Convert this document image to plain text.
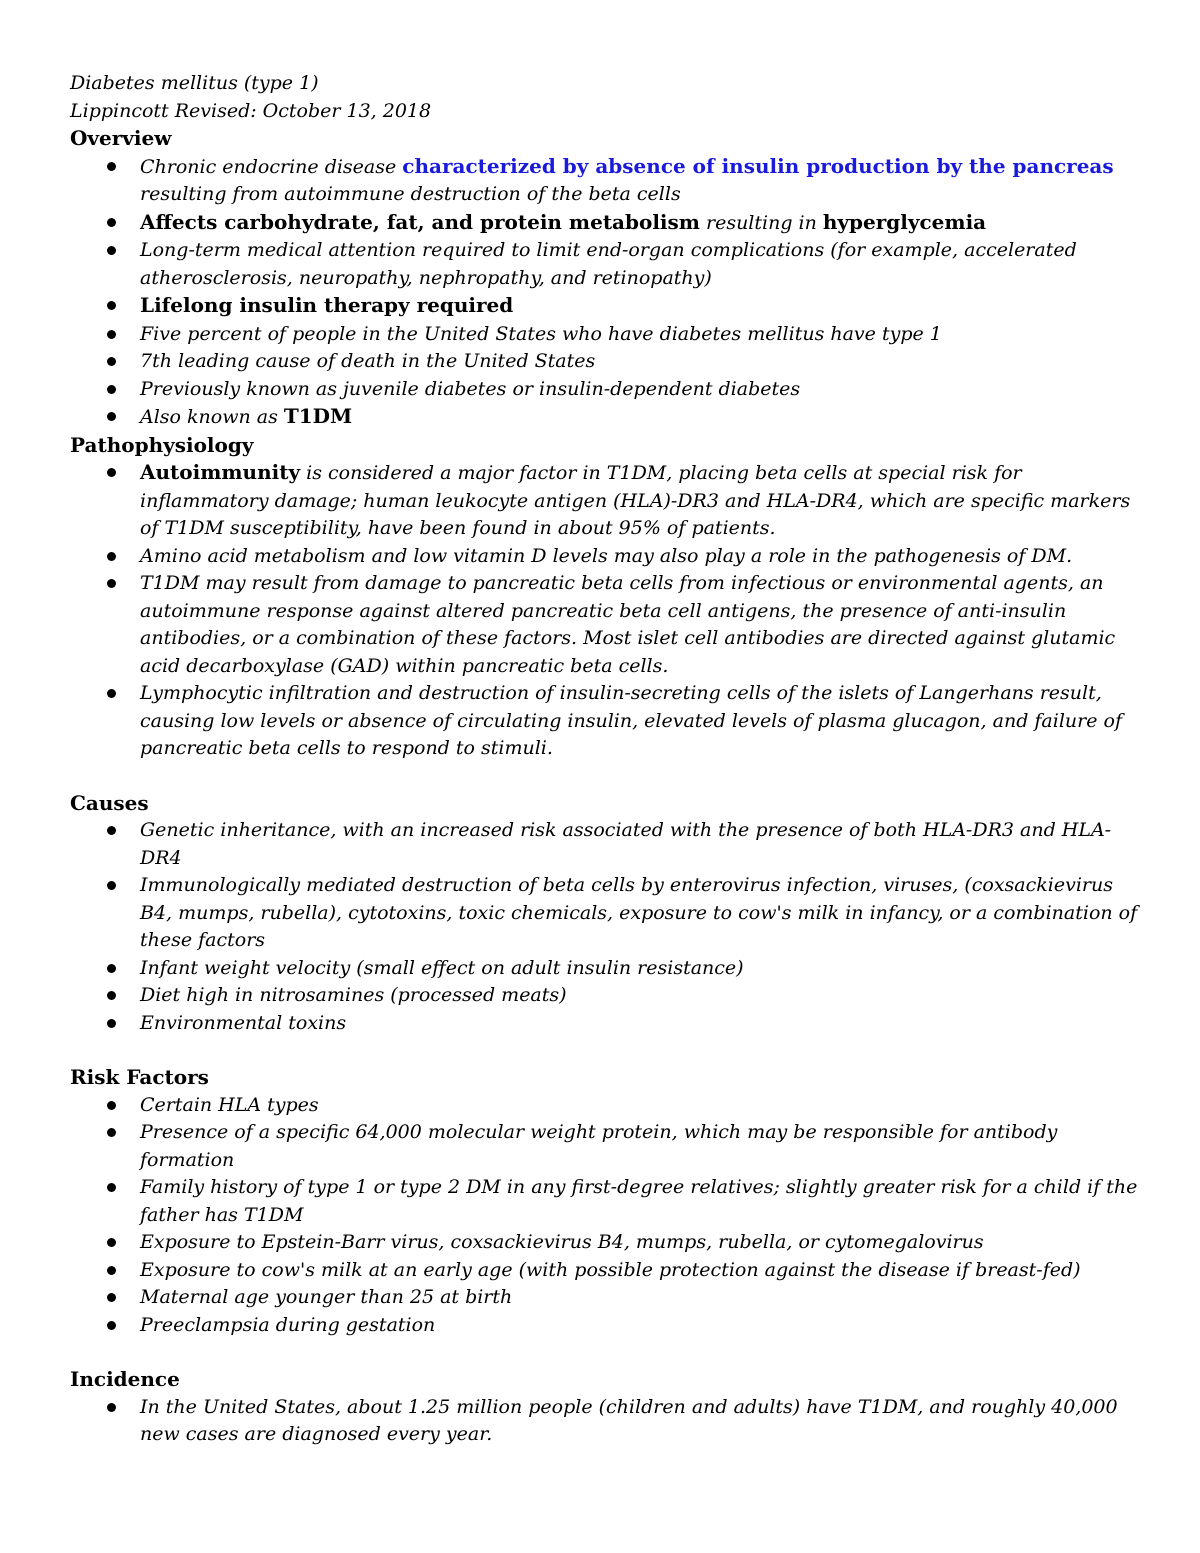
Diabetes mellitus (type 1)

Lippincott Revised: October 13, 2018

Overview

Chronic endocrine disease characterized by absence of insulin production by the pancreas resulting from autoimmune destruction of the beta cells
Affects carbohydrate, fat, and protein metabolism resulting in hyperglycemia
Long-term medical attention required to limit end-organ complications (for example, accelerated atherosclerosis, neuropathy, nephropathy, and retinopathy)
Lifelong insulin therapy required
Five percent of people in the United States who have diabetes mellitus have type 1
7th leading cause of death in the United States
Previously known as juvenile diabetes or insulin-dependent diabetes
Also known as T1DM

Pathophysiology

Autoimmunity is considered a major factor in T1DM, placing beta cells at special risk for inflammatory damage; human leukocyte antigen (HLA)-DR3 and HLA-DR4, which are specific markers of T1DM susceptibility, have been found in about 95% of patients.
Amino acid metabolism and low vitamin D levels may also play a role in the pathogenesis of DM.
T1DM may result from damage to pancreatic beta cells from infectious or environmental agents, an autoimmune response against altered pancreatic beta cell antigens, the presence of anti-insulin antibodies, or a combination of these factors. Most islet cell antibodies are directed against glutamic acid decarboxylase (GAD) within pancreatic beta cells.
Lymphocytic infiltration and destruction of insulin-secreting cells of the islets of Langerhans result, causing low levels or absence of circulating insulin, elevated levels of plasma glucagon, and failure of pancreatic beta cells to respond to stimuli.

Causes

Genetic inheritance, with an increased risk associated with the presence of both HLA-DR3 and HLA-DR4
Immunologically mediated destruction of beta cells by enterovirus infection, viruses, (coxsackievirus B4, mumps, rubella), cytotoxins, toxic chemicals, exposure to cow's milk in infancy, or a combination of these factors
Infant weight velocity (small effect on adult insulin resistance)
Diet high in nitrosamines (processed meats)
Environmental toxins

Risk Factors

Certain HLA types
Presence of a specific 64,000 molecular weight protein, which may be responsible for antibody formation
Family history of type 1 or type 2 DM in any first-degree relatives; slightly greater risk for a child if the father has T1DM
Exposure to Epstein-Barr virus, coxsackievirus B4, mumps, rubella, or cytomegalovirus
Exposure to cow's milk at an early age (with possible protection against the disease if breast-fed)
Maternal age younger than 25 at birth
Preeclampsia during gestation

Incidence

In the United States, about 1.25 million people (children and adults) have T1DM, and roughly 40,000 new cases are diagnosed every year.
